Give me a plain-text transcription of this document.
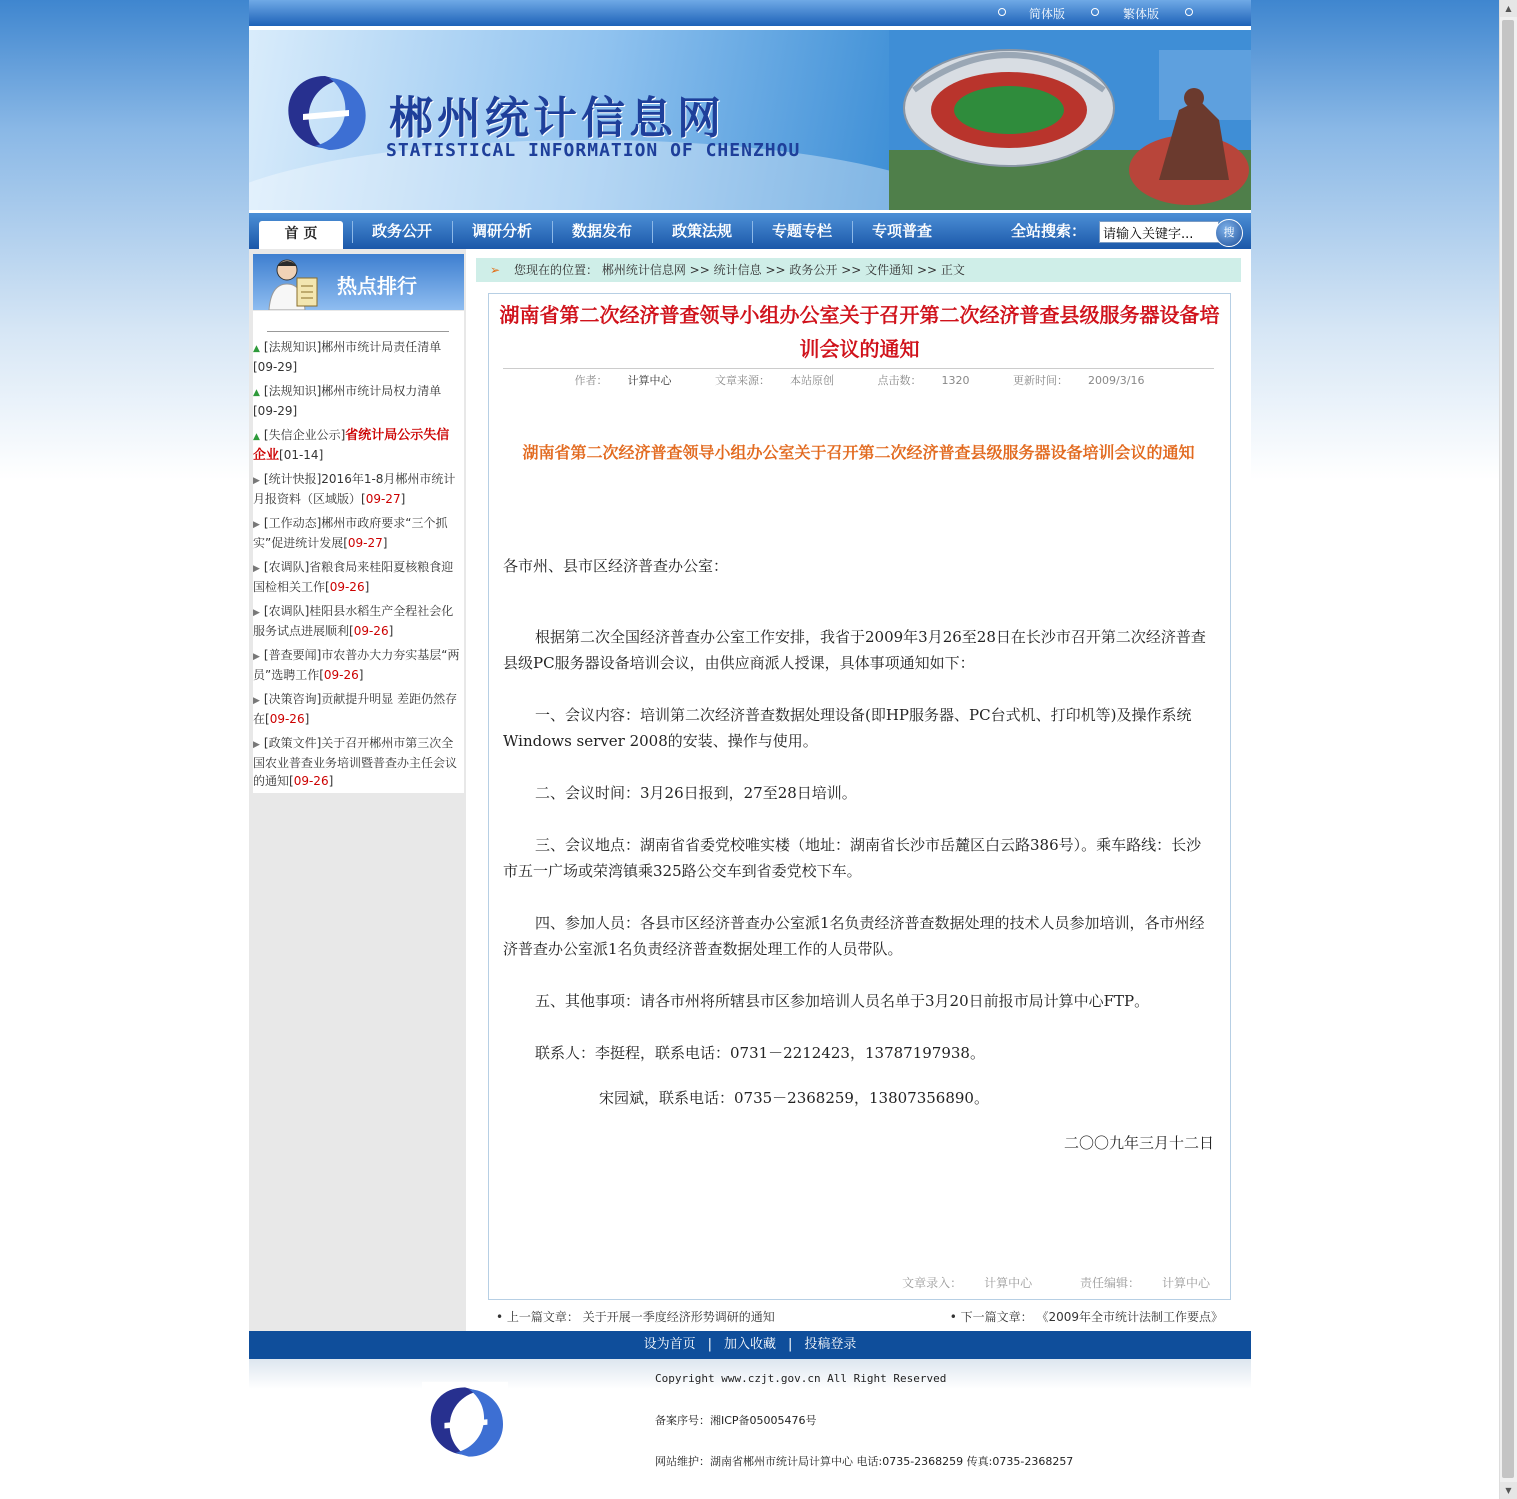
▲
▼
简体版	繁体版
郴州统计信息网
STATISTICAL INFORMATION OF CHENZHOU
首 页	政务公开	调研分析	数据发布	政策法规	专题专栏	专项普查	全站搜索：
请输入关键字...	搜
热点排行
▲ [法规知识]郴州市统计局责任清单
[09-29]
▲ [法规知识]郴州市统计局权力清单
[09-29]
▲ [失信企业公示]省统计局公示失信企业[01-14]
▶ [统计快报]2016年1-8月郴州市统计月报资料（区域版）[09-27]
▶ [工作动态]郴州市政府要求“三个抓实”促进统计发展[09-27]
▶ [农调队]省粮食局来桂阳夏核粮食迎国检相关工作[09-26]
▶ [农调队]桂阳县水稻生产全程社会化服务试点进展顺利[09-26]
▶ [普查要闻]市农普办大力夯实基层“两员”选聘工作[09-26]
▶ [决策咨询]贡献提升明显 差距仍然存在[09-26]
▶ [政策文件]关于召开郴州市第三次全国农业普查业务培训暨普查办主任会议的通知[09-26]
➢ 您现在的位置： 郴州统计信息网 >> 统计信息 >> 政务公开 >> 文件通知 >> 正文
湖南省第二次经济普查领导小组办公室关于召开第二次经济普查县级服务器设备培训会议的通知
作者： 计算中心	文章来源： 本站原创	点击数： 1320	更新时间： 2009/3/16
湖南省第二次经济普查领导小组办公室关于召开第二次经济普查县级服务器设备培训会议的通知
各市州、县市区经济普查办公室：
根据第二次全国经济普查办公室工作安排，我省于2009年3月26至28日在长沙市召开第二次经济普查县级PC服务器设备培训会议，由供应商派人授课，具体事项通知如下：
一、会议内容：培训第二次经济普查数据处理设备(即HP服务器、PC台式机、打印机等)及操作系统Windows server 2008的安装、操作与使用。
二、会议时间：3月26日报到，27至28日培训。
三、会议地点：湖南省省委党校唯实楼（地址：湖南省长沙市岳麓区白云路386号）。乘车路线：长沙市五一广场或荣湾镇乘325路公交车到省委党校下车。
四、参加人员：各县市区经济普查办公室派1名负责经济普查数据处理的技术人员参加培训，各市州经济普查办公室派1名负责经济普查数据处理工作的人员带队。
五、其他事项：请各市州将所辖县市区参加培训人员名单于3月20日前报市局计算中心FTP。
联系人：李挺程，联系电话：0731－2212423，13787197938。
宋园斌，联系电话：0735－2368259，13807356890。
二〇〇九年三月十二日
文章录入： 计算中心	责任编辑： 计算中心
• 上一篇文章： 关于开展一季度经济形势调研的通知	• 下一篇文章： 《2009年全市统计法制工作要点》
设为首页 | 加入收藏 | 投稿登录
Copyright www.czjt.gov.cn All Right Reserved
备案序号：湘ICP备05005476号
网站维护：湖南省郴州市统计局计算中心 电话:0735-2368259 传真:0735-2368257
